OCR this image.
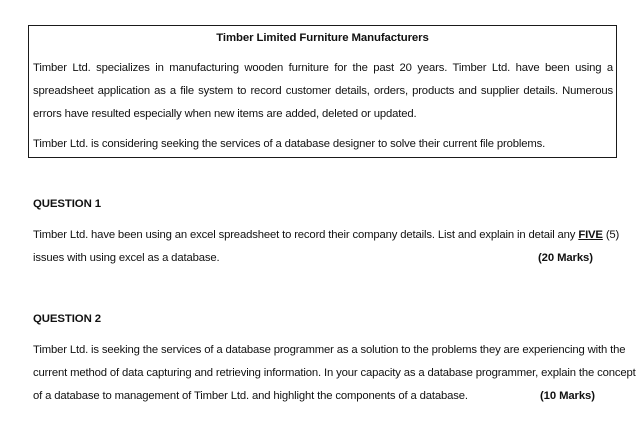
Timber Limited Furniture Manufacturers

Timber Ltd. specializes in manufacturing wooden furniture for the past 20 years. Timber Ltd. have been using a spreadsheet application as a file system to record customer details, orders, products and supplier details. Numerous errors have resulted especially when new items are added, deleted or updated.

Timber Ltd. is considering seeking the services of a database designer to solve their current file problems.

QUESTION 1
Timber Ltd. have been using an excel spreadsheet to record their company details. List and explain in detail any FIVE (5)
issues with using excel as a database.	(20 Marks)
QUESTION 2
Timber Ltd. is seeking the services of a database programmer as a solution to the problems they are experiencing with the
current method of data capturing and retrieving information. In your capacity as a database programmer, explain the concept
of a database to management of Timber Ltd. and highlight the components of a database.	(10 Marks)
